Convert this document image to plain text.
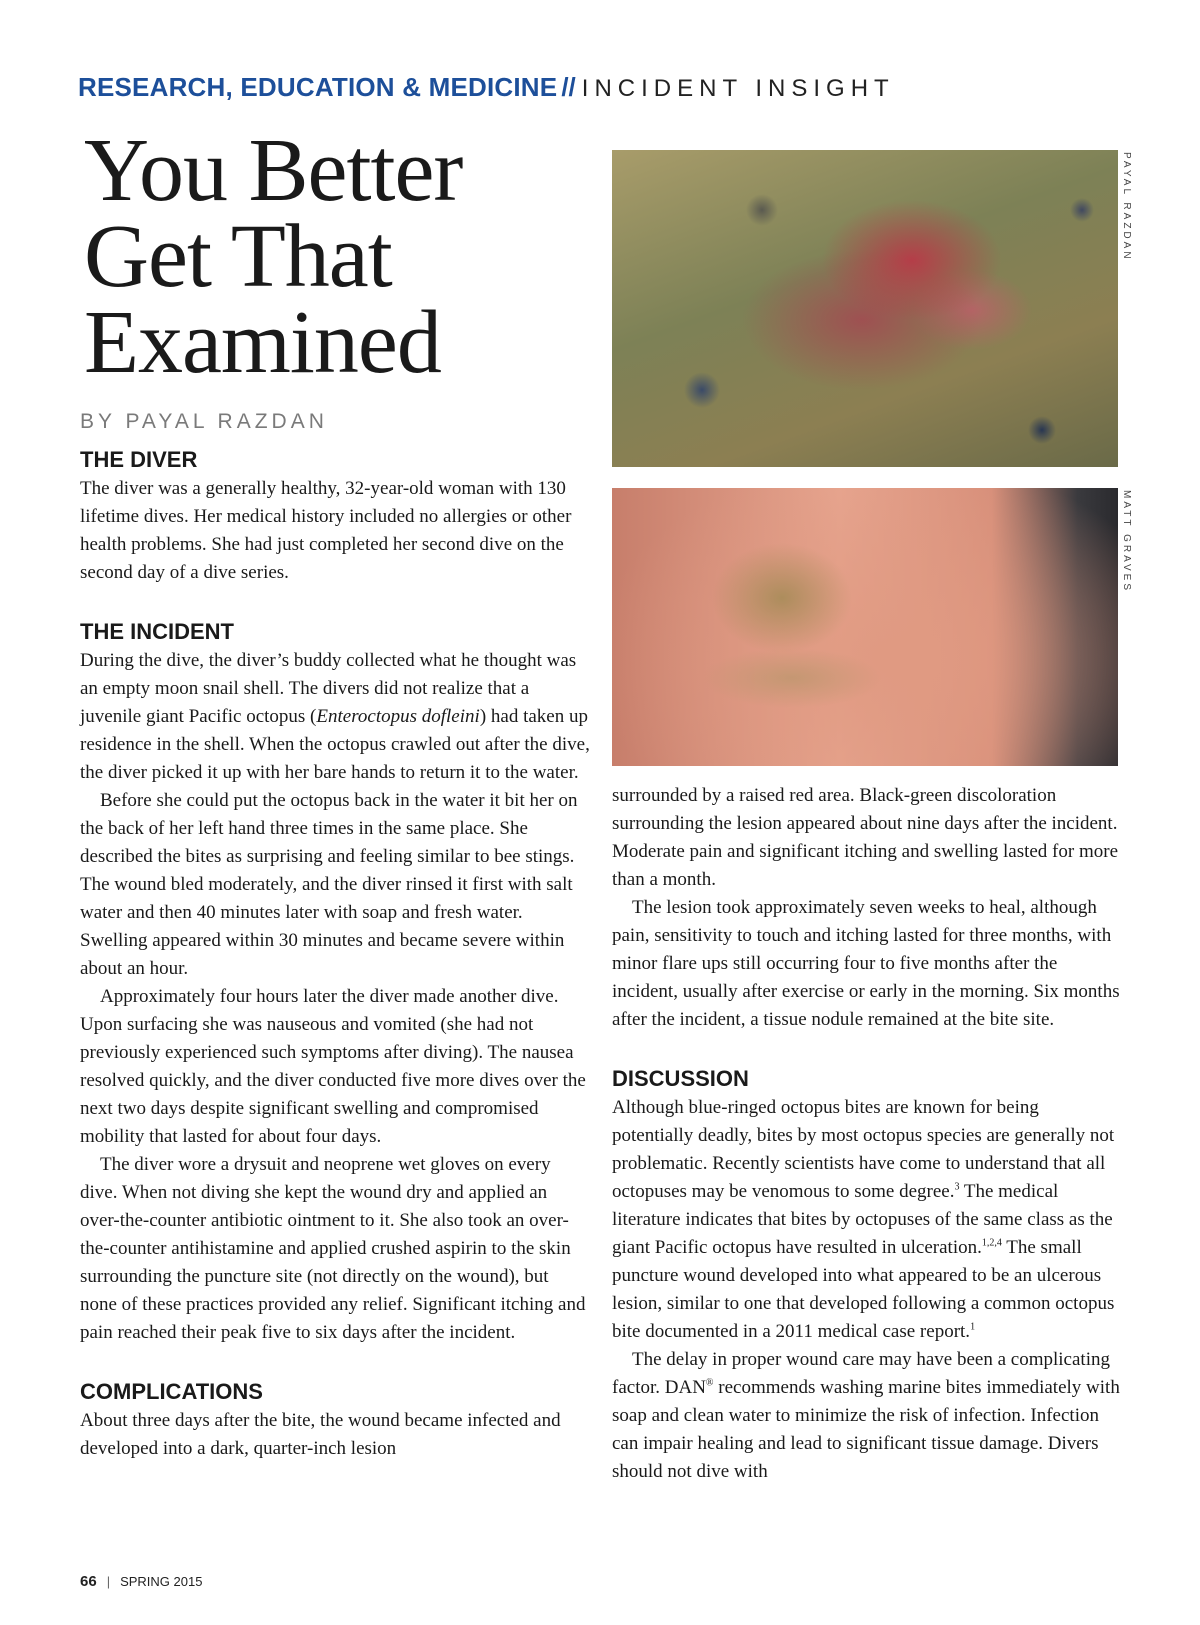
RESEARCH, EDUCATION & MEDICINE // INCIDENT INSIGHT
You Better
Get That
Examined
BY PAYAL RAZDAN
THE DIVER

The diver was a generally healthy, 32-year-old woman with 130 lifetime dives. Her medical history included no allergies or other health problems. She had just completed her second dive on the second day of a dive series.

THE INCIDENT

During the dive, the diver’s buddy collected what he thought was an empty moon snail shell. The divers did not realize that a juvenile giant Pacific octopus (Enteroctopus dofleini) had taken up residence in the shell. When the octopus crawled out after the dive, the diver picked it up with her bare hands to return it to the water.

Before she could put the octopus back in the water it bit her on the back of her left hand three times in the same place. She described the bites as surprising and feeling similar to bee stings. The wound bled moderately, and the diver rinsed it first with salt water and then 40 minutes later with soap and fresh water. Swelling appeared within 30 minutes and became severe within about an hour.

Approximately four hours later the diver made another dive. Upon surfacing she was nauseous and vomited (she had not previously experienced such symptoms after diving). The nausea resolved quickly, and the diver conducted five more dives over the next two days despite significant swelling and compromised mobility that lasted for about four days.

The diver wore a drysuit and neoprene wet gloves on every dive. When not diving she kept the wound dry and applied an over-the-counter antibiotic ointment to it. She also took an over-the-counter antihistamine and applied crushed aspirin to the skin surrounding the puncture site (not directly on the wound), but none of these practices provided any relief. Significant itching and pain reached their peak five to six days after the incident.

COMPLICATIONS

About three days after the bite, the wound became infected and developed into a dark, quarter-inch lesion

PAYAL RAZDAN
MATT GRAVES

surrounded by a raised red area. Black-green discoloration surrounding the lesion appeared about nine days after the incident. Moderate pain and significant itching and swelling lasted for more than a month.

The lesion took approximately seven weeks to heal, although pain, sensitivity to touch and itching lasted for three months, with minor flare ups still occurring four to five months after the incident, usually after exercise or early in the morning. Six months after the incident, a tissue nodule remained at the bite site.

DISCUSSION

Although blue-ringed octopus bites are known for being potentially deadly, bites by most octopus species are generally not problematic. Recently scientists have come to understand that all octopuses may be venomous to some degree.$^3$ The medical literature indicates that bites by octopuses of the same class as the giant Pacific octopus have resulted in ulceration.$^{1,2,4}$ The small puncture wound developed into what appeared to be an ulcerous lesion, similar to one that developed following a common octopus bite documented in a 2011 medical case report.$^1$

The delay in proper wound care may have been a complicating factor. DAN® recommends washing marine bites immediately with soap and clean water to minimize the risk of infection. Infection can impair healing and lead to significant tissue damage. Divers should not dive with

66 | SPRING 2015
